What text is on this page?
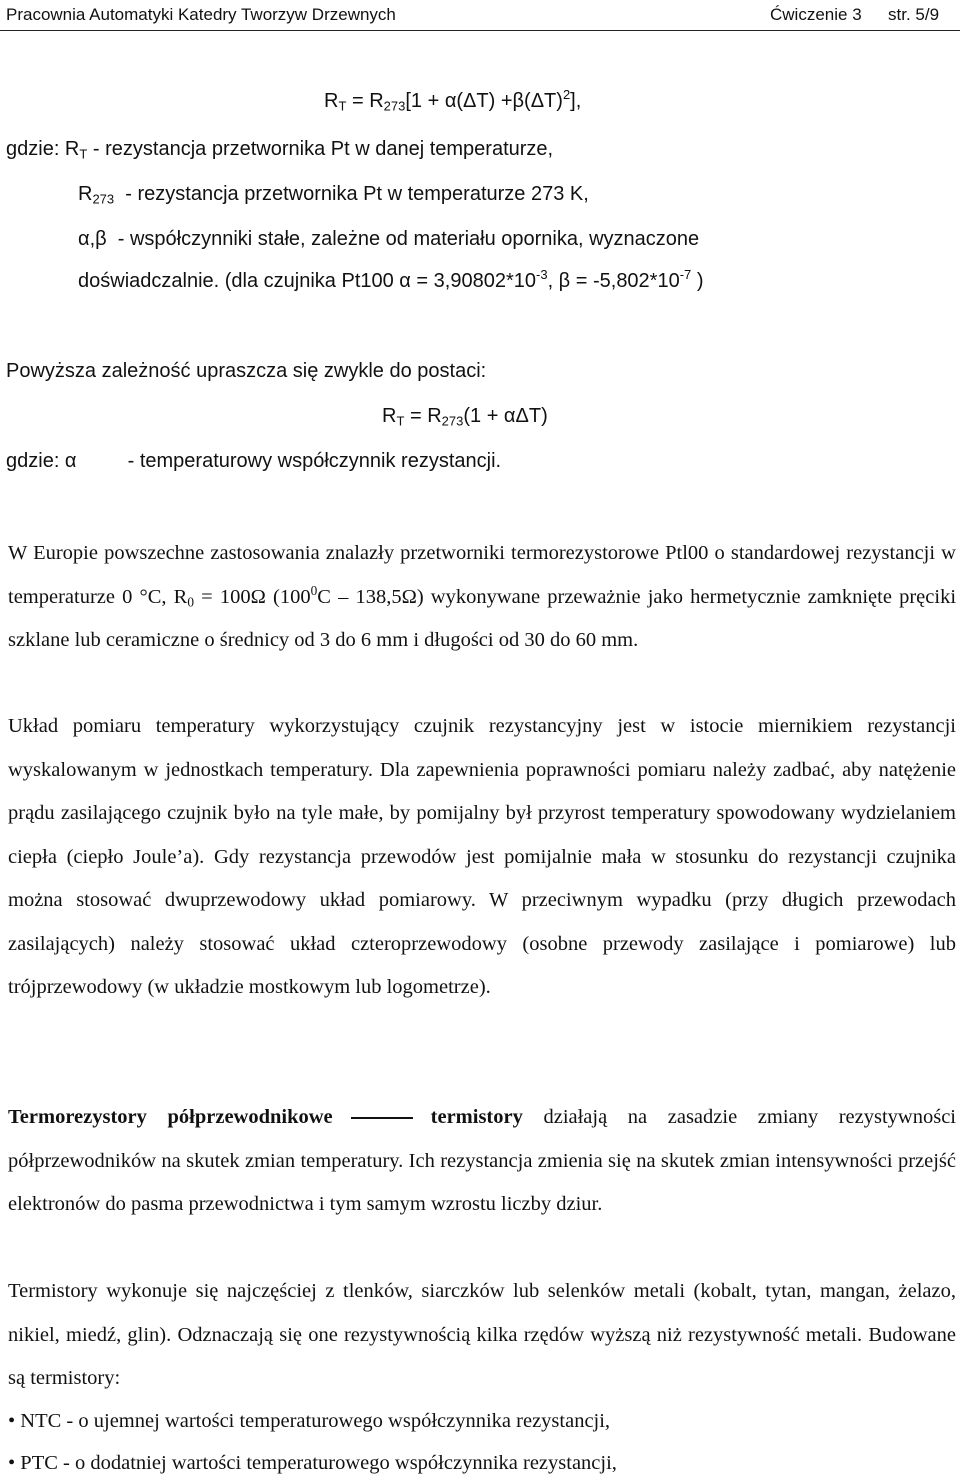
Pracownia Automatyki Katedry Tworzyw Drzewnych	Ćwiczenie 3 str. 5/9
$R_T = R_{273}[1 + \alpha(\Delta T) +\beta(\Delta T)^2]$,
gdzie: $R_T$ - rezystancja przetwornika Pt w danej temperaturze,
$R_{273}$ - rezystancja przetwornika Pt w temperaturze 273 K,
α,β - współczynniki stałe, zależne od materiału opornika, wyznaczone
doświadczalnie. (dla czujnika Pt100 $\alpha = 3,90802*10^{-3}$, $\beta = -5,802*10^{-7}$ )
Powyższa zależność upraszcza się zwykle do postaci:
$R_T = R_{273}(1 + \alpha\Delta T)$
gdzie: α	- temperaturowy współczynnik rezystancji.

W Europie powszechne zastosowania znalazły przetworniki termorezystorowe Ptl00 o standardowej rezystancji w temperaturze 0 °C, $R_0 = 100\Omega$ $(100^0C - 138,5\Omega)$ wykonywane przeważnie jako hermetycznie zamknięte pręciki szklane lub ceramiczne o średnicy od 3 do 6 mm i długości od 30 do 60 mm.

Układ pomiaru temperatury wykorzystujący czujnik rezystancyjny jest w istocie miernikiem rezystancji wyskalowanym w jednostkach temperatury. Dla zapewnienia poprawności pomiaru należy zadbać, aby natężenie prądu zasilającego czujnik było na tyle małe, by pomijalny był przyrost temperatury spowodowany wydzielaniem ciepła (ciepło Joule’a). Gdy rezystancja przewodów jest pomijalnie mała w stosunku do rezystancji czujnika można stosować dwuprzewodowy układ pomiarowy. W przeciwnym wypadku (przy długich przewodach zasilających) należy stosować układ czteroprzewodowy (osobne przewody zasilające i pomiarowe) lub trójprzewodowy (w układzie mostkowym lub logometrze).

Termorezystory półprzewodnikowe	termistory działają na zasadzie zmiany rezystywności półprzewodników na skutek zmian temperatury. Ich rezystancja zmienia się na skutek zmian intensywności przejść elektronów do pasma przewodnictwa i tym samym wzrostu liczby dziur.

Termistory wykonuje się najczęściej z tlenków, siarczków lub selenków metali (kobalt, tytan, mangan, żelazo, nikiel, miedź, glin). Odznaczają się one rezystywnością kilka rzędów wyższą niż rezystywność metali. Budowane są termistory:

• NTC - o ujemnej wartości temperaturowego współczynnika rezystancji,
• PTC - o dodatniej wartości temperaturowego współczynnika rezystancji,
